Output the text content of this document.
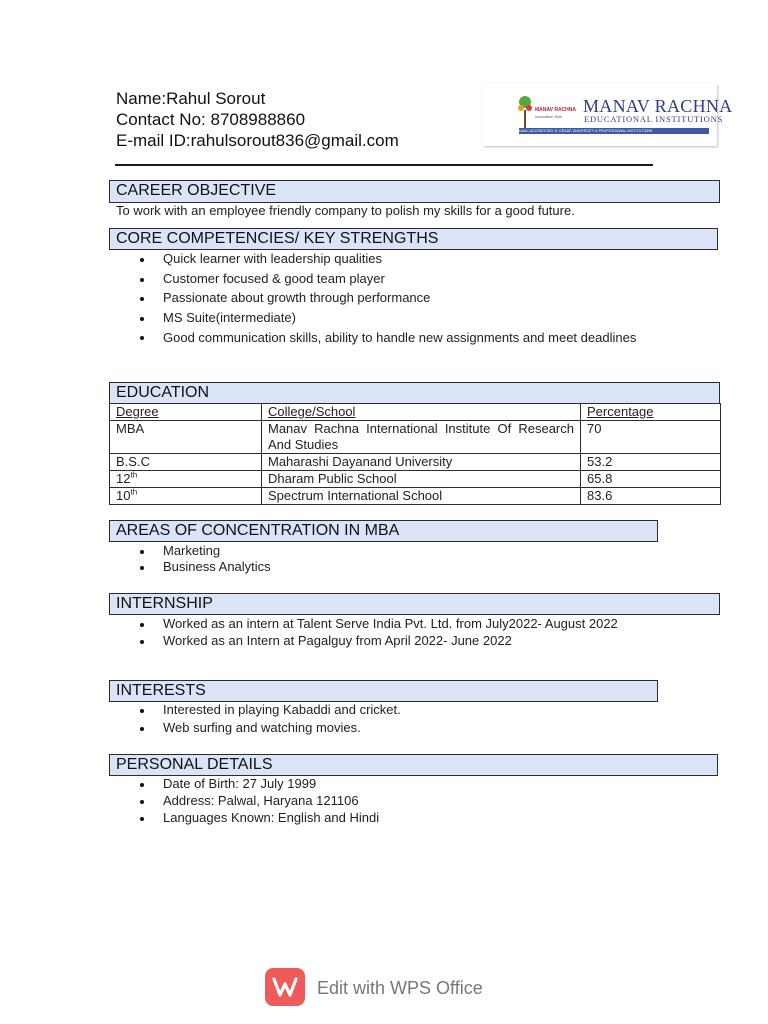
Name:Rahul Sorout
Contact No: 8708988860
E-mail ID:rahulsorout836@gmail.com
MANAV RACHNA
Innovation Hub
MANAV RACHNA
EDUCATIONAL INSTITUTIONS
NAAC ACCREDITED 'A' GRADE UNIVERSITY & PROFESSIONAL INSTITUTIONS
CAREER OBJECTIVE
To work with an employee friendly company to polish my skills for a good future.
CORE COMPETENCIES/ KEY STRENGTHS
Quick learner with leadership qualities
Customer focused & good team player
Passionate about growth through performance
MS Suite(intermediate)
Good communication skills, ability to handle new assignments and meet deadlines
EDUCATION
Degree	College/School	Percentage
MBA	Manav Rachna International Institute Of Research And Studies	70
B.S.C	Maharashi Dayanand University	53.2
12th	Dharam Public School	65.8
10th	Spectrum International School	83.6
AREAS OF CONCENTRATION IN MBA
Marketing
Business Analytics
INTERNSHIP
Worked as an intern at Talent Serve India Pvt. Ltd. from July2022- August 2022
Worked as an Intern at Pagalguy from April 2022- June 2022
INTERESTS
Interested in playing Kabaddi and cricket.
Web surfing and watching movies.
PERSONAL DETAILS
Date of Birth: 27 July 1999
Address: Palwal, Haryana 121106
Languages Known: English and Hindi
Edit with WPS Office
